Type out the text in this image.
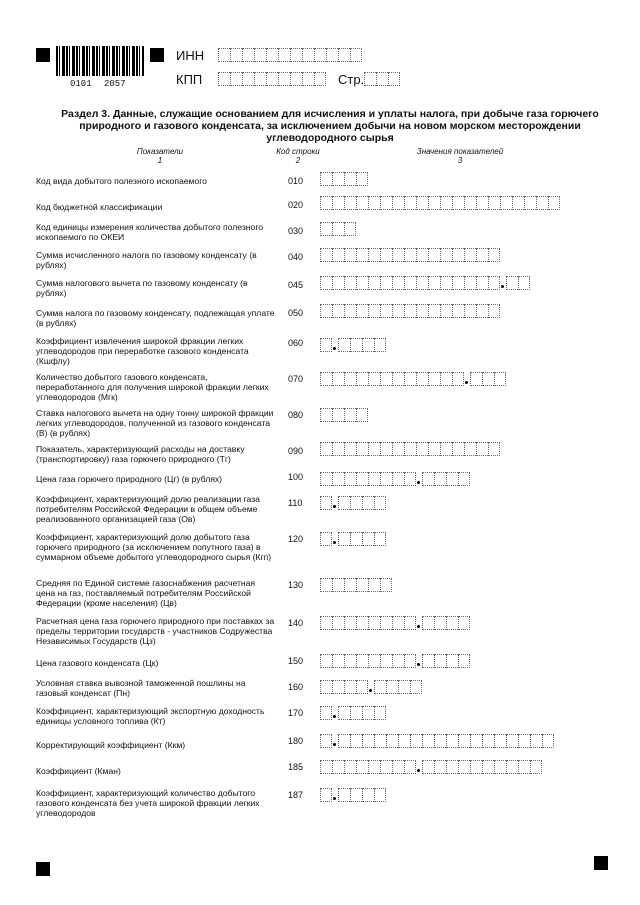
0101 2057
ИНН
КПП	Стр.
Раздел 3. Данные, служащие основанием для исчисления и уплаты налога, при добыче газа горючего природного и газового конденсата, за исключением добычи на новом морском месторождении углеводородного сырья
Показатели
1
Код строки
2
Значения показателей
3
Код вида добытого полезного ископаемого	010
Код бюджетной классификации	020
Код единицы измерения количества добытого полезного ископаемого по ОКЕИ
030
Сумма исчисленного налога по газовому конденсату (в рублях)
040
Сумма налогового вычета по газовому конденсату (в рублях)
045
Сумма налога по газовому конденсату, подлежащая уплате (в рублях)
050
Коэффициент извлечения широкой фракции легких углеводородов при переработке газового конденсата (Кшфлу)
060
Количество добытого газового конденсата, переработанного для получения широкой фракции легких углеводородов (Мгк)
070
Ставка налогового вычета на одну тонну широкой фракции легких углеводородов, полученной из газового конденсата (В) (в рублях)
080
Показатель, характеризующий расходы на доставку (транспортировку) газа горючего природного (Тг)
090
Цена газа горючего природного (Цг) (в рублях)	100
Коэффициент, характеризующий долю реализации газа потребителям Российской Федерации в общем объеме реализованного организацией газа (Ов)
110
Коэффициент, характеризующий долю добытого газа горючего природного (за исключением попутного газа) в суммарном объеме добытого углеводородного сырья (Кгп)
120
Средняя по Единой системе газоснабжения расчетная цена на газ, поставляемый потребителям Российской Федерации (кроме населения) (Цв)
130
Расчетная цена газа горючего природного при поставках за пределы территории государств - участников Содружества Независимых Государств (Цз)
140
Цена газового конденсата (Цк)	150
Условная ставка вывозной таможенной пошлины на газовый конденсат (Пн)
160
Коэффициент, характеризующий экспортную доходность единицы условного топлива (Кт)
170
Корректирующий коэффициент (Ккм)	180
Коэффициент (Кман)	185
Коэффициент, характеризующий количество добытого газового конденсата без учета широкой фракции легких углеводородов
187
